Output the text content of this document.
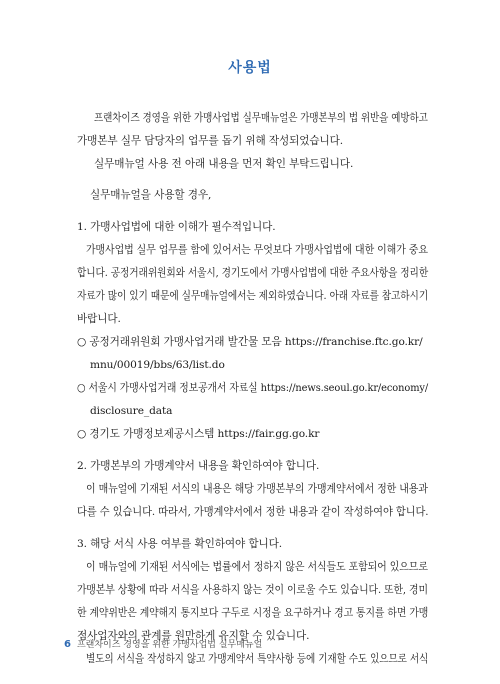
사용법
프랜차이즈 경영을 위한 가맹사업법 실무매뉴얼은 가맹본부의 법 위반을 예방하고
가맹본부 실무 담당자의 업무를 돕기 위해 작성되었습니다.
실무매뉴얼 사용 전 아래 내용을 먼저 확인 부탁드립니다.
실무매뉴얼을 사용할 경우,
1. 가맹사업법에 대한 이해가 필수적입니다.
가맹사업법 실무 업무를 함에 있어서는 무엇보다 가맹사업법에 대한 이해가 중요
합니다. 공정거래위원회와 서울시, 경기도에서 가맹사업법에 대한 주요사항을 정리한
자료가 많이 있기 때문에 실무매뉴얼에서는 제외하였습니다. 아래 자료를 참고하시기
바랍니다.
○ 공정거래위원회 가맹사업거래 발간물 모음 https://franchise.ftc.go.kr/
mnu/00019/bbs/63/list.do
○ 서울시 가맹사업거래 정보공개서 자료실 https://news.seoul.go.kr/economy/
disclosure_data
○ 경기도 가맹정보제공시스템 https://fair.gg.go.kr
2. 가맹본부의 가맹계약서 내용을 확인하여야 합니다.
이 매뉴얼에 기재된 서식의 내용은 해당 가맹본부의 가맹계약서에서 정한 내용과
다를 수 있습니다. 따라서, 가맹계약서에서 정한 내용과 같이 작성하여야 합니다.
3. 해당 서식 사용 여부를 확인하여야 합니다.
이 매뉴얼에 기재된 서식에는 법률에서 정하지 않은 서식들도 포함되어 있으므로
가맹본부 상황에 따라 서식을 사용하지 않는 것이 이로울 수도 있습니다. 또한, 경미
한 계약위반은 계약해지 통지보다 구두로 시정을 요구하거나 경고 통지를 하면 가맹
점사업자와의 관계를 원만하게 유지할 수 있습니다.
별도의 서식을 작성하지 않고 가맹계약서 특약사항 등에 기재할 수도 있으므로 서식
6 프랜차이즈 경영을 위한 가맹사업법 실무매뉴얼
